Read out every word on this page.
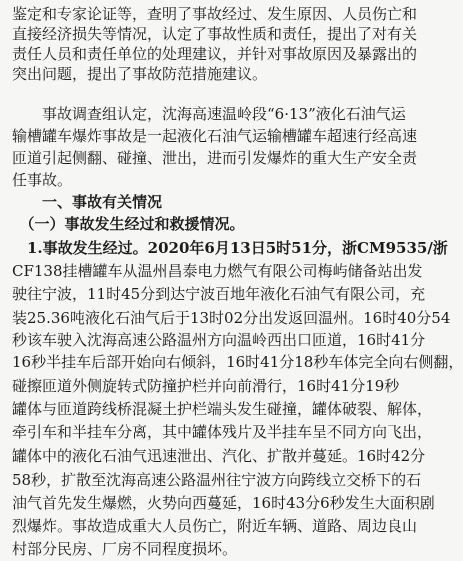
鉴定和专家论证等，查明了事故经过、发生原因、人员伤亡和
直接经济损失等情况，认定了事故性质和责任，提出了对有关
责任人员和责任单位的处理建议，并针对事故原因及暴露出的
突出问题，提出了事故防范措施建议。
　　事故调查组认定，沈海高速温岭段“6·13”液化石油气运
输槽罐车爆炸事故是一起液化石油气运输槽罐车超速行经高速
匝道引起侧翻、碰撞、泄出，进而引发爆炸的重大生产安全责
任事故。
　　一、事故有关情况
　（一）事故发生经过和救援情况。
　1.事故发生经过。2020年6月13日5时51分，浙CM9535/浙
CF138挂槽罐车从温州昌泰电力燃气有限公司梅屿储备站出发
驶往宁波，11时45分到达宁波百地年液化石油气有限公司，充
装25.36吨液化石油气后于13时02分出发返回温州。16时40分54
秒该车驶入沈海高速公路温州方向温岭西出口匝道，16时41分
16秒半挂车后部开始向右倾斜，16时41分18秒车体完全向右侧翻，
碰擦匝道外侧旋转式防撞护栏并向前滑行，16时41分19秒
罐体与匝道跨线桥混凝土护栏端头发生碰撞，罐体破裂、解体，
牵引车和半挂车分离，其中罐体残片及半挂车呈不同方向飞出，
罐体中的液化石油气迅速泄出、汽化、扩散并蔓延。16时42分
58秒，扩散至沈海高速公路温州往宁波方向跨线立交桥下的石
油气首先发生爆燃，火势向西蔓延，16时43分6秒发生大面积剧
烈爆炸。事故造成重大人员伤亡，附近车辆、道路、周边良山
村部分民房、厂房不同程度损坏。
